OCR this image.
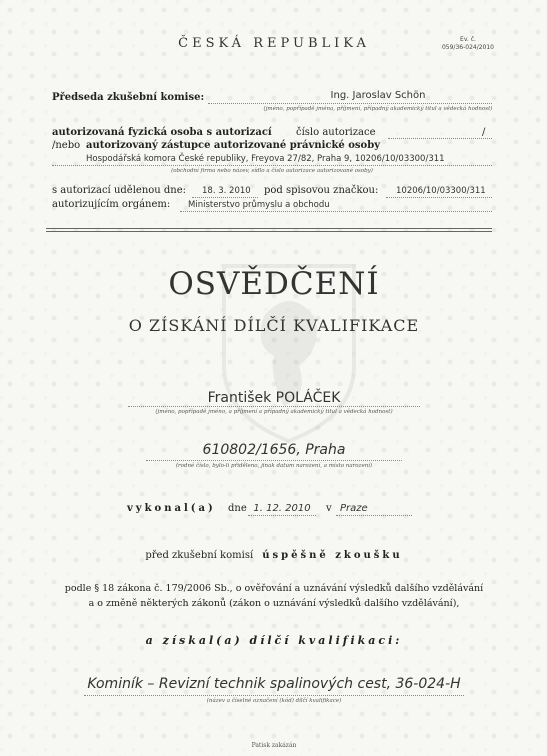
ČESKÁ REPUBLIKA	Ev. č.
059/36-024/2010
Předseda zkušební komise:	Ing. Jaroslav Schön
(jméno, popřípadě jména, příjmení, případný akademický titul a vědecká hodnost)
autorizovaná fyzická osoba s autorizací číslo autorizace	/
/nebo autorizovaný zástupce autorizované právnické osoby
Hospodářská komora České republiky, Freyova 27/82, Praha 9, 10206/10/03300/311
(obchodní firma nebo název, sídlo a číslo autorizace autorizované osoby)
s autorizací udělenou dne: 18. 3. 2010 pod spisovou značkou: 10206/10/03300/311
autorizujícím orgánem: Ministerstvo průmyslu a obchodu
OSVĚDČENÍ
O ZÍSKÁNÍ DÍLČÍ KVALIFIKACE
František POLÁČEK
(jméno, popřípadě jméno, a příjmení a případný akademický titul a vědecká hodnost)
610802/1656, Praha
(rodné číslo, bylo-li přiděleno, jinak datum narození, a místo narození)
vykonal(a) dne 1. 12. 2010	v Praze
před zkušební komisí úspěšně zkoušku
podle § 18 zákona č. 179/2006 Sb., o ověřování a uznávání výsledků dalšího vzdělávání
a o změně některých zákonů (zákon o uznávání výsledků dalšího vzdělávání),
a získal(a) dílčí kvalifikaci:
Kominík – Revizní technik spalinových cest, 36-024-H
(název a číselné označení (kód) dílčí kvalifikace)
Patisk zakázán
